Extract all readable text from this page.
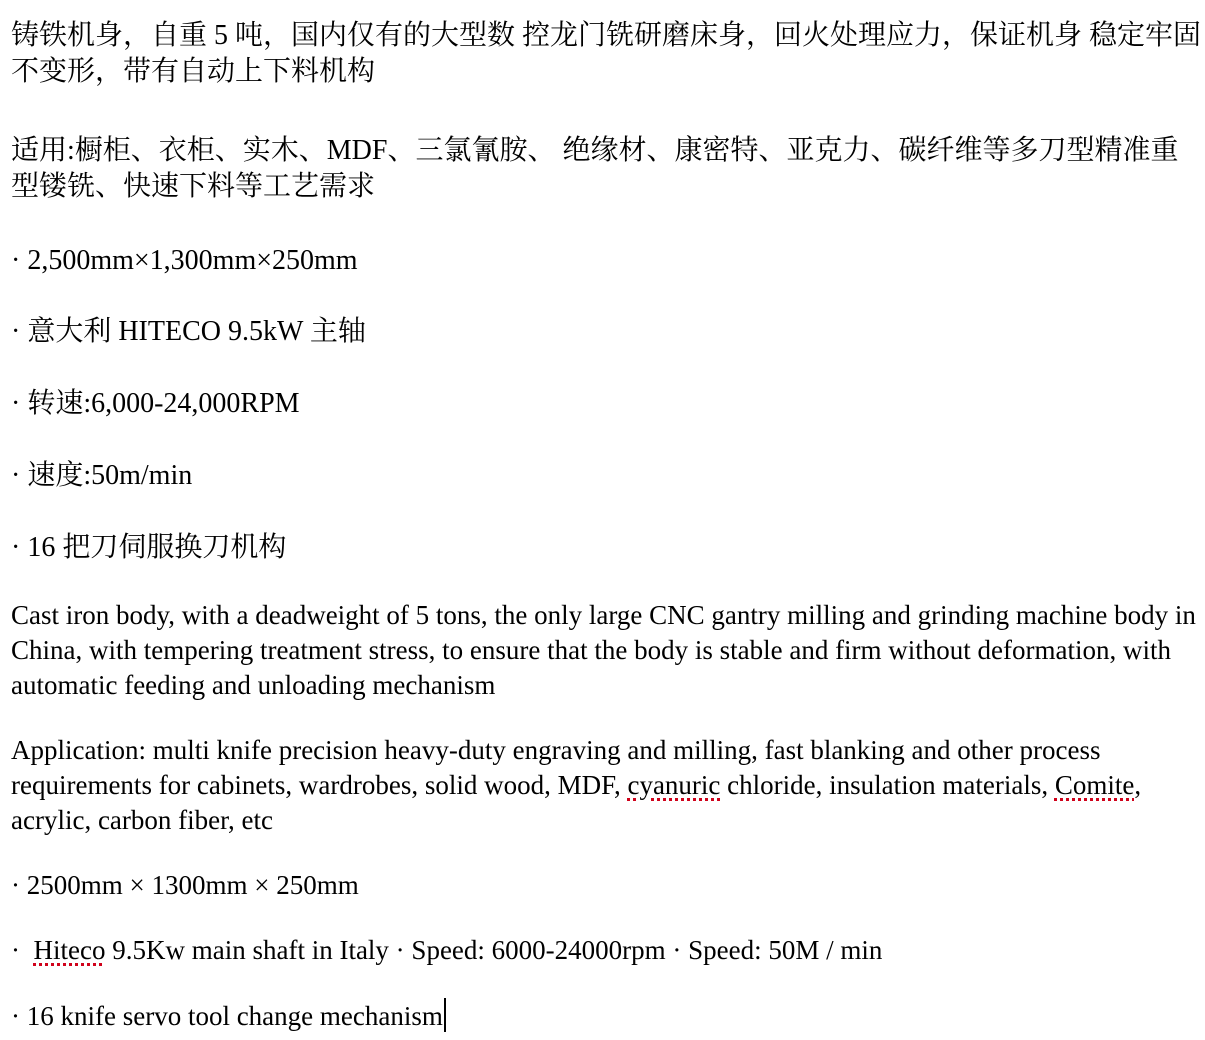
铸铁机身，自重 5 吨，国内仅有的大型数 控龙门铣研磨床身，回火处理应力，保证机身 稳定牢固不变形，带有自动上下料机构
适用:橱柜、衣柜、实木、MDF、三氯氰胺、 绝缘材、康密特、亚克力、碳纤维等多刀型精准重型镂铣、快速下料等工艺需求
· 2,500mm×1,300mm×250mm
· 意大利 HITECO 9.5kW 主轴
· 转速:6,000-24,000RPM
· 速度:50m/min
· 16 把刀伺服换刀机构
Cast iron body, with a deadweight of 5 tons, the only large CNC gantry milling and grinding machine body in China, with tempering treatment stress, to ensure that the body is stable and firm without deformation, with automatic feeding and unloading mechanism
Application: multi knife precision heavy-duty engraving and milling, fast blanking and other process requirements for cabinets, wardrobes, solid wood, MDF, cyanuric chloride, insulation materials, Comite, acrylic, carbon fiber, etc
· 2500mm × 1300mm × 250mm
·  Hiteco 9.5Kw main shaft in Italy · Speed: 6000-24000rpm · Speed: 50M / min
· 16 knife servo tool change mechanism
